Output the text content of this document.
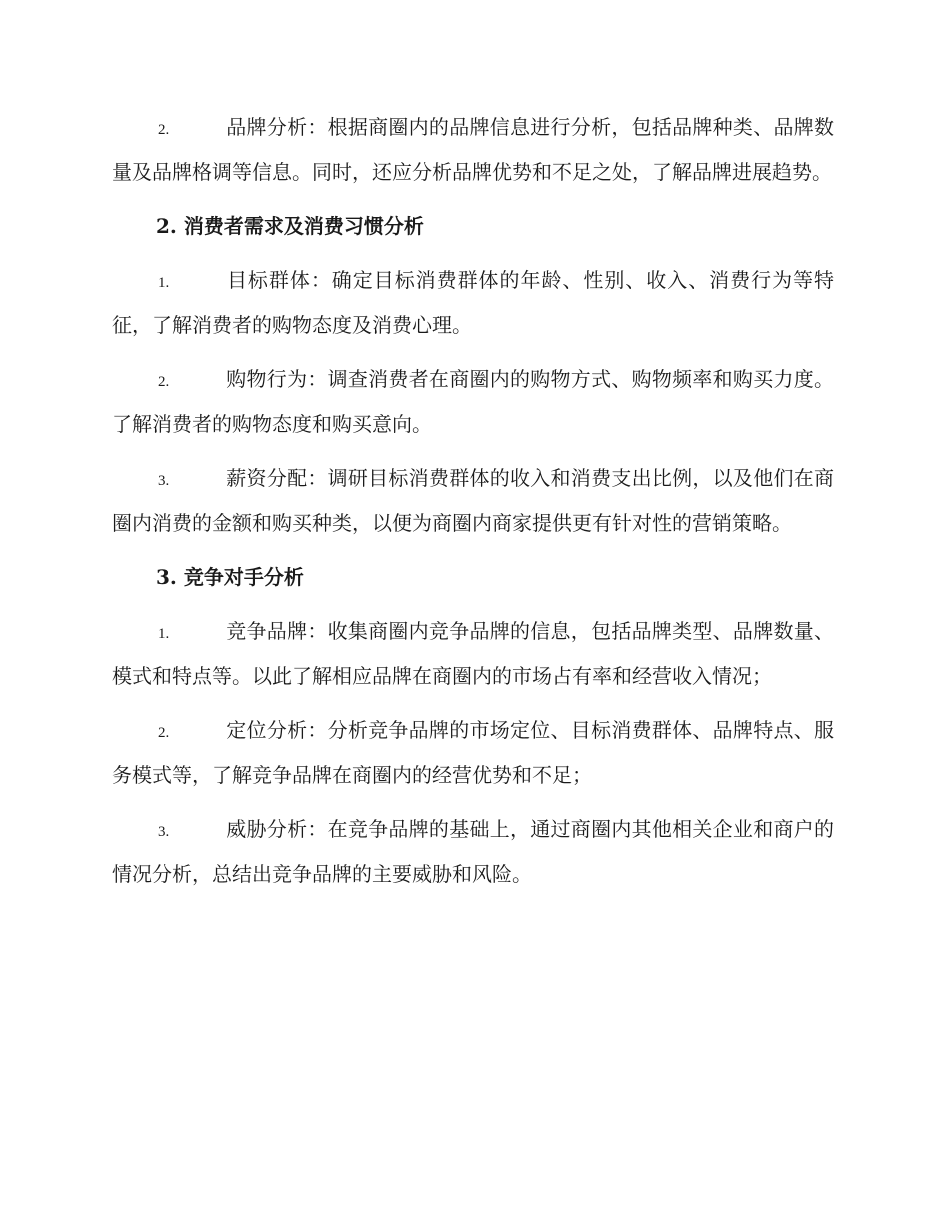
2.	品牌分析：根据商圈内的品牌信息进行分析，包括品牌种类、品牌数量及品牌格调等信息。同时，还应分析品牌优势和不足之处，了解品牌进展趋势。

2. 消费者需求及消费习惯分析

1.	目标群体：确定目标消费群体的年龄、性别、收入、消费行为等特征，了解消费者的购物态度及消费心理。

2.	购物行为：调查消费者在商圈内的购物方式、购物频率和购买力度。了解消费者的购物态度和购买意向。

3.	薪资分配：调研目标消费群体的收入和消费支出比例，以及他们在商圈内消费的金额和购买种类，以便为商圈内商家提供更有针对性的营销策略。

3. 竞争对手分析

1.	竞争品牌：收集商圈内竞争品牌的信息，包括品牌类型、品牌数量、模式和特点等。以此了解相应品牌在商圈内的市场占有率和经营收入情况；

2.	定位分析：分析竞争品牌的市场定位、目标消费群体、品牌特点、服务模式等，了解竞争品牌在商圈内的经营优势和不足；

3.	威胁分析：在竞争品牌的基础上，通过商圈内其他相关企业和商户的情况分析，总结出竞争品牌的主要威胁和风险。
